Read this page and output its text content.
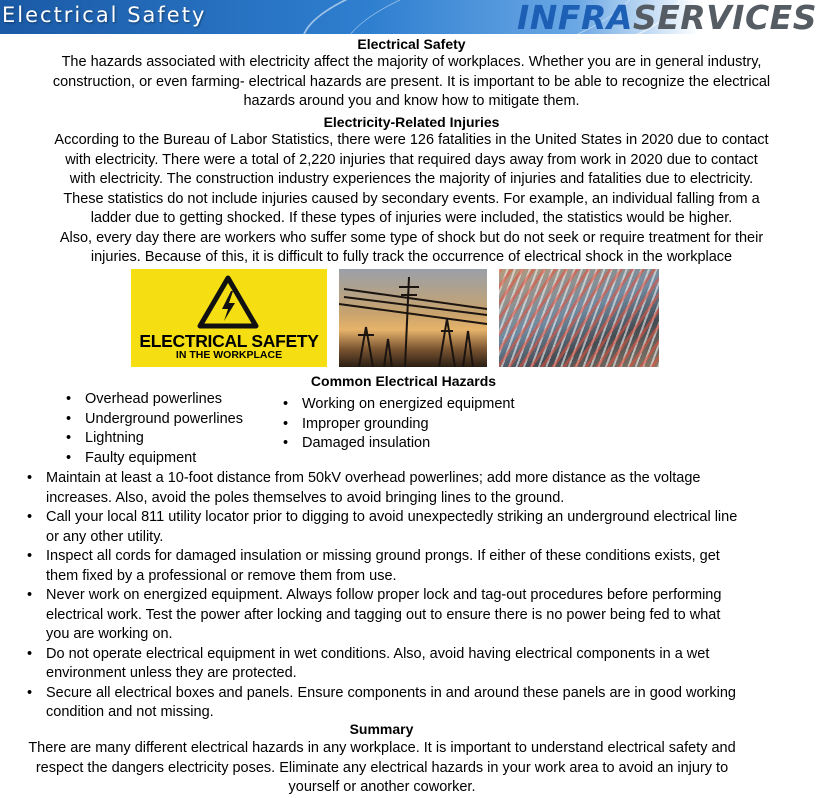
Electrical Safety	INFRASERVICES
Electrical Safety
The hazards associated with electricity affect the majority of workplaces. Whether you are in general industry,
construction, or even farming- electrical hazards are present. It is important to be able to recognize the electrical
hazards around you and know how to mitigate them.
Electricity-Related Injuries
According to the Bureau of Labor Statistics, there were 126 fatalities in the United States in 2020 due to contact
with electricity. There were a total of 2,220 injuries that required days away from work in 2020 due to contact
with electricity. The construction industry experiences the majority of injuries and fatalities due to electricity.
These statistics do not include injuries caused by secondary events. For example, an individual falling from a
ladder due to getting shocked. If these types of injuries were included, the statistics would be higher.
Also, every day there are workers who suffer some type of shock but do not seek or require treatment for their
injuries. Because of this, it is difficult to fully track the occurrence of electrical shock in the workplace
ELECTRICAL SAFETY
IN THE WORKPLACE
Common Electrical Hazards
• Overhead powerlines
• Underground powerlines
• Lightning
• Faulty equipment
• Working on energized equipment
• Improper grounding
• Damaged insulation
• Maintain at least a 10-foot distance from 50kV overhead powerlines; add more distance as the voltage
increases. Also, avoid the poles themselves to avoid bringing lines to the ground.
• Call your local 811 utility locator prior to digging to avoid unexpectedly striking an underground electrical line
or any other utility.
• Inspect all cords for damaged insulation or missing ground prongs. If either of these conditions exists, get
them fixed by a professional or remove them from use.
• Never work on energized equipment. Always follow proper lock and tag-out procedures before performing
electrical work. Test the power after locking and tagging out to ensure there is no power being fed to what
you are working on.
• Do not operate electrical equipment in wet conditions. Also, avoid having electrical components in a wet
environment unless they are protected.
• Secure all electrical boxes and panels. Ensure components in and around these panels are in good working
condition and not missing.
Summary
There are many different electrical hazards in any workplace. It is important to understand electrical safety and
respect the dangers electricity poses. Eliminate any electrical hazards in your work area to avoid an injury to
yourself or another coworker.
